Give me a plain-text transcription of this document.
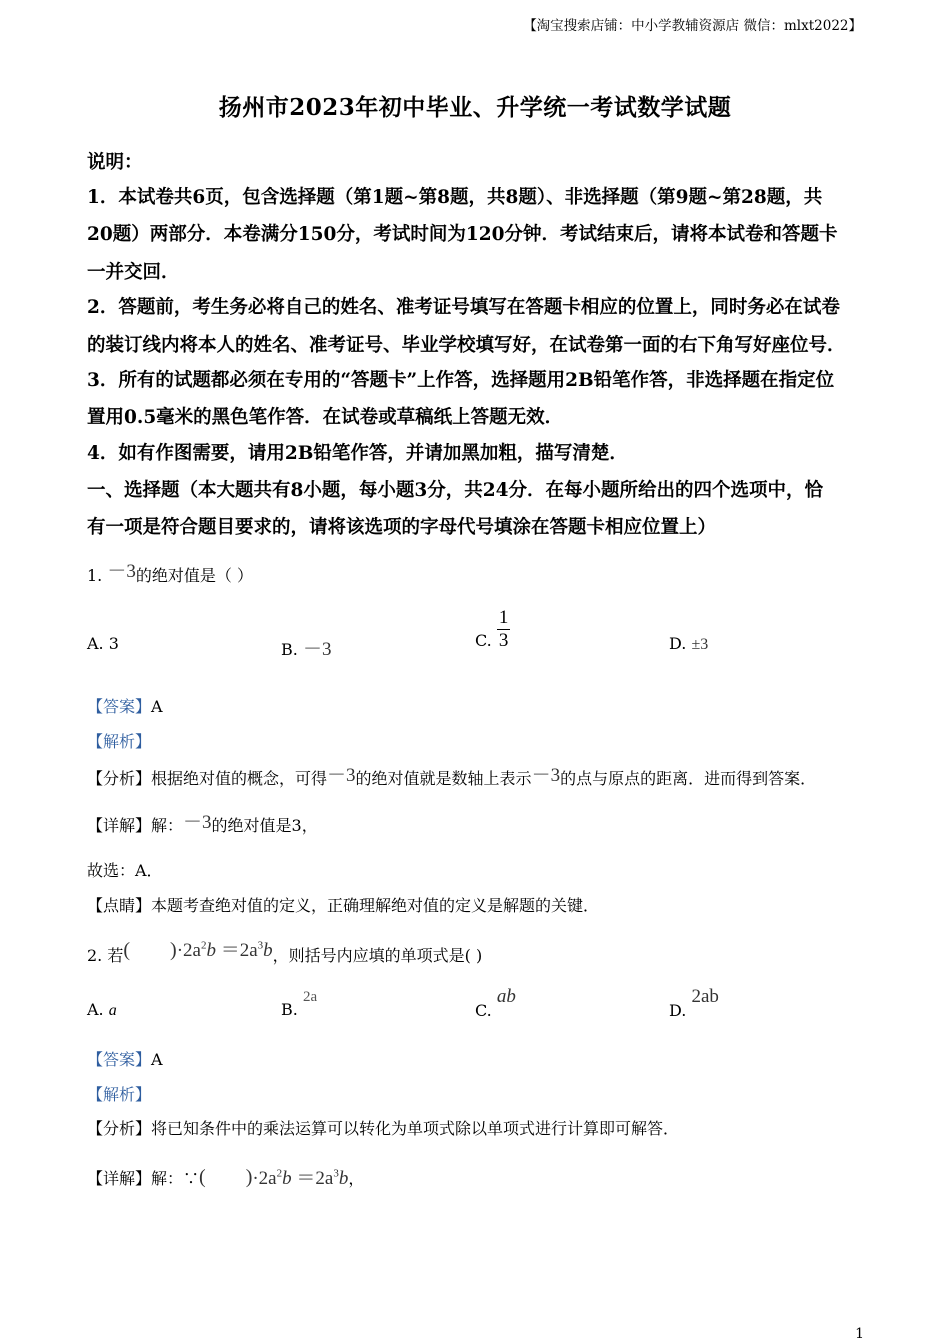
【淘宝搜索店铺：中小学教辅资源店 微信：mlxt2022】
扬州市2023年初中毕业、升学统一考试数学试题
说明：
1．本试卷共6页，包含选择题（第1题~第8题，共8题）、非选择题（第9题~第28题，共
20题）两部分．本卷满分150分，考试时间为120分钟．考试结束后，请将本试卷和答题卡
一并交回．
2．答题前，考生务必将自己的姓名、准考证号填写在答题卡相应的位置上，同时务必在试卷
的装订线内将本人的姓名、准考证号、毕业学校填写好，在试卷第一面的右下角写好座位号．
3．所有的试题都必须在专用的“答题卡”上作答，选择题用2B铅笔作答，非选择题在指定位
置用0.5毫米的黑色笔作答．在试卷或草稿纸上答题无效．
4．如有作图需要，请用2B铅笔作答，并请加黑加粗，描写清楚．
一、选择题（本大题共有8小题，每小题3分，共24分．在每小题所给出的四个选项中，恰
有一项是符合题目要求的，请将该选项的字母代号填涂在答题卡相应位置上）
1. －3的绝对值是（ ）
A. 3	B. －3	C. $\frac{1}{3}$	D. ±3
【答案】A
【解析】
【分析】根据绝对值的概念，可得－3的绝对值就是数轴上表示－3的点与原点的距离．进而得到答案．
【详解】解：－3的绝对值是3，
故选：A．
【点睛】本题考查绝对值的定义，正确理解绝对值的定义是解题的关键．
2. 若(        )$\cdot 2a^2b =2a^3b$，则括号内应填的单项式是( )
A. a	B. 2a
C. ab
D. 2ab
【答案】A
【解析】
【分析】将已知条件中的乘法运算可以转化为单项式除以单项式进行计算即可解答．
【详解】解：∵(        )$\cdot 2a^2b =2a^3b$，
1
